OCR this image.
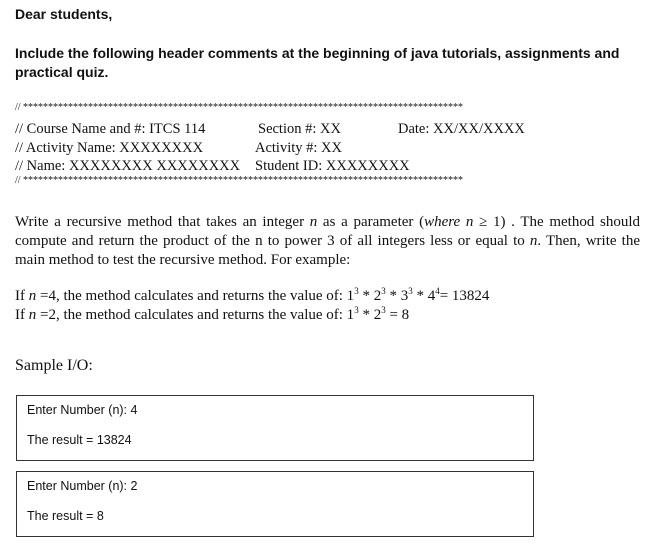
Dear students,
Include the following header comments at the beginning of java tutorials, assignments and practical quiz.
// ****************************************************************************************
// Course Name and #: ITCS 114	Section #: XX	Date: XX/XX/XXXX
// Activity Name: XXXXXXXX	Activity #: XX
// Name: XXXXXXXX XXXXXXXX Student ID: XXXXXXXX
// ****************************************************************************************
Write a recursive method that takes an integer n as a parameter (where n ≥ 1) . The method should compute and return the product of the n to power 3 of all integers less or equal to n. Then, write the main method to test the recursive method. For example:
If n =4, the method calculates and returns the value of: $1^3 * 2^3 * 3^3 * 4^4= 13824$
If n =2, the method calculates and returns the value of: $1^3 * 2^3 = 8$
Sample I/O:
Enter Number (n): 4
The result = 13824
Enter Number (n): 2
The result = 8
